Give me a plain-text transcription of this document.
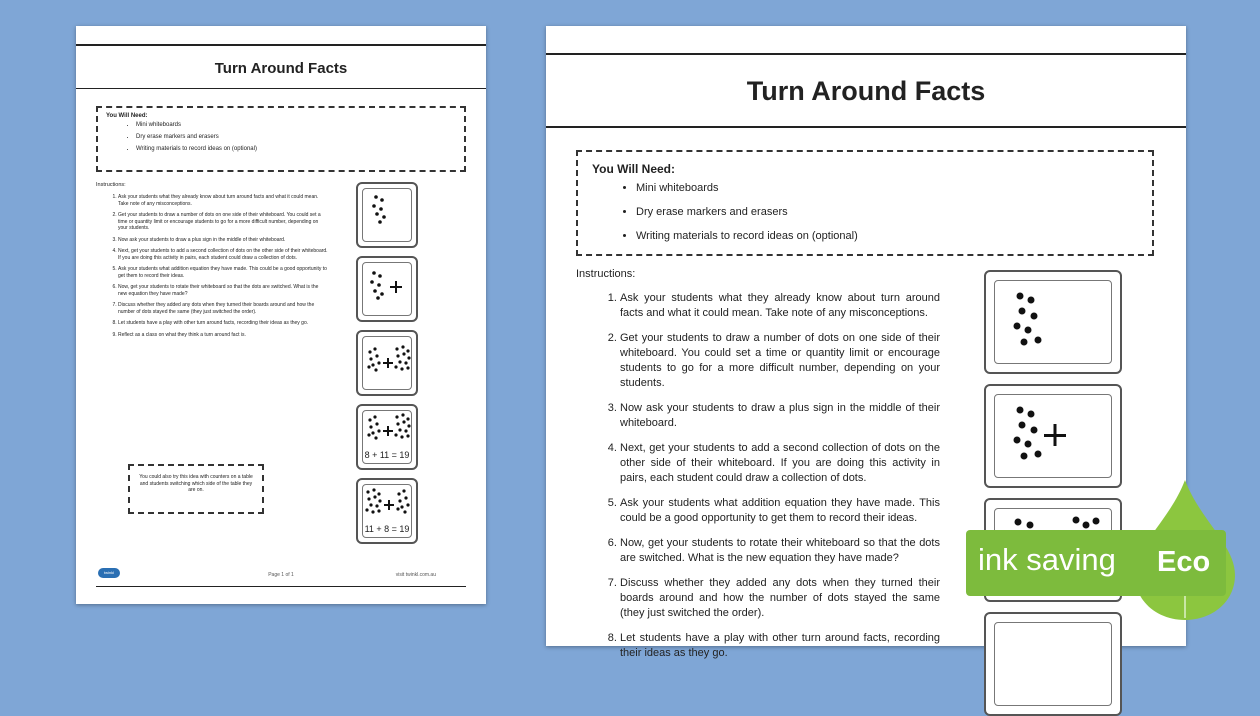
Turn Around Facts
You Will Need:
• Mini whiteboards
• Dry erase markers and erasers
• Writing materials to record ideas on (optional)
Instructions:
1. Ask your students what they already know about turn around facts and what it could mean. Take note of any misconceptions.
2. Get your students to draw a number of dots on one side of their whiteboard. You could set a time or quantity limit or encourage students to go for a more difficult number, depending on your students.
3. Now ask your students to draw a plus sign in the middle of their whiteboard.
4. Next, get your students to add a second collection of dots on the other side of their whiteboard. If you are doing this activity in pairs, each student could draw a collection of dots.
5. Ask your students what addition equation they have made. This could be a good opportunity to get them to record their ideas.
6. Now, get your students to rotate their whiteboard so that the dots are switched. What is the new equation they have made?
7. Discuss whether they added any dots when they turned their boards around and how the number of dots stayed the same (they just switched the order).
8. Let students have a play with other turn around facts, recording their ideas as they go.
9. Reflect as a class on what they think a turn around fact is.
You could also try this idea with counters on a table and students switching which side of the table they are on.
8 + 11 = 19
11 + 8 = 19
twinkl	Page 1 of 1	visit twinkl.com.au
Turn Around Facts
You Will Need:
• Mini whiteboards
• Dry erase markers and erasers
• Writing materials to record ideas on (optional)
Instructions:
1. Ask your students what they already know about turn around facts and what it could mean. Take note of any misconceptions.
2. Get your students to draw a number of dots on one side of their whiteboard. You could set a time or quantity limit or encourage students to go for a more difficult number, depending on your students.
3. Now ask your students to draw a plus sign in the middle of their whiteboard.
4. Next, get your students to add a second collection of dots on the other side of their whiteboard. If you are doing this activity in pairs, each student could draw a collection of dots.
5. Ask your students what addition equation they have made. This could be a good opportunity to get them to record their ideas.
6. Now, get your students to rotate their whiteboard so that the dots are switched. What is the new equation they have made?
7. Discuss whether they added any dots when they turned their boards around and how the number of dots stayed the same (they just switched the order).
8. Let students have a play with other turn around facts, recording their ideas as they go.
ink saving Eco
